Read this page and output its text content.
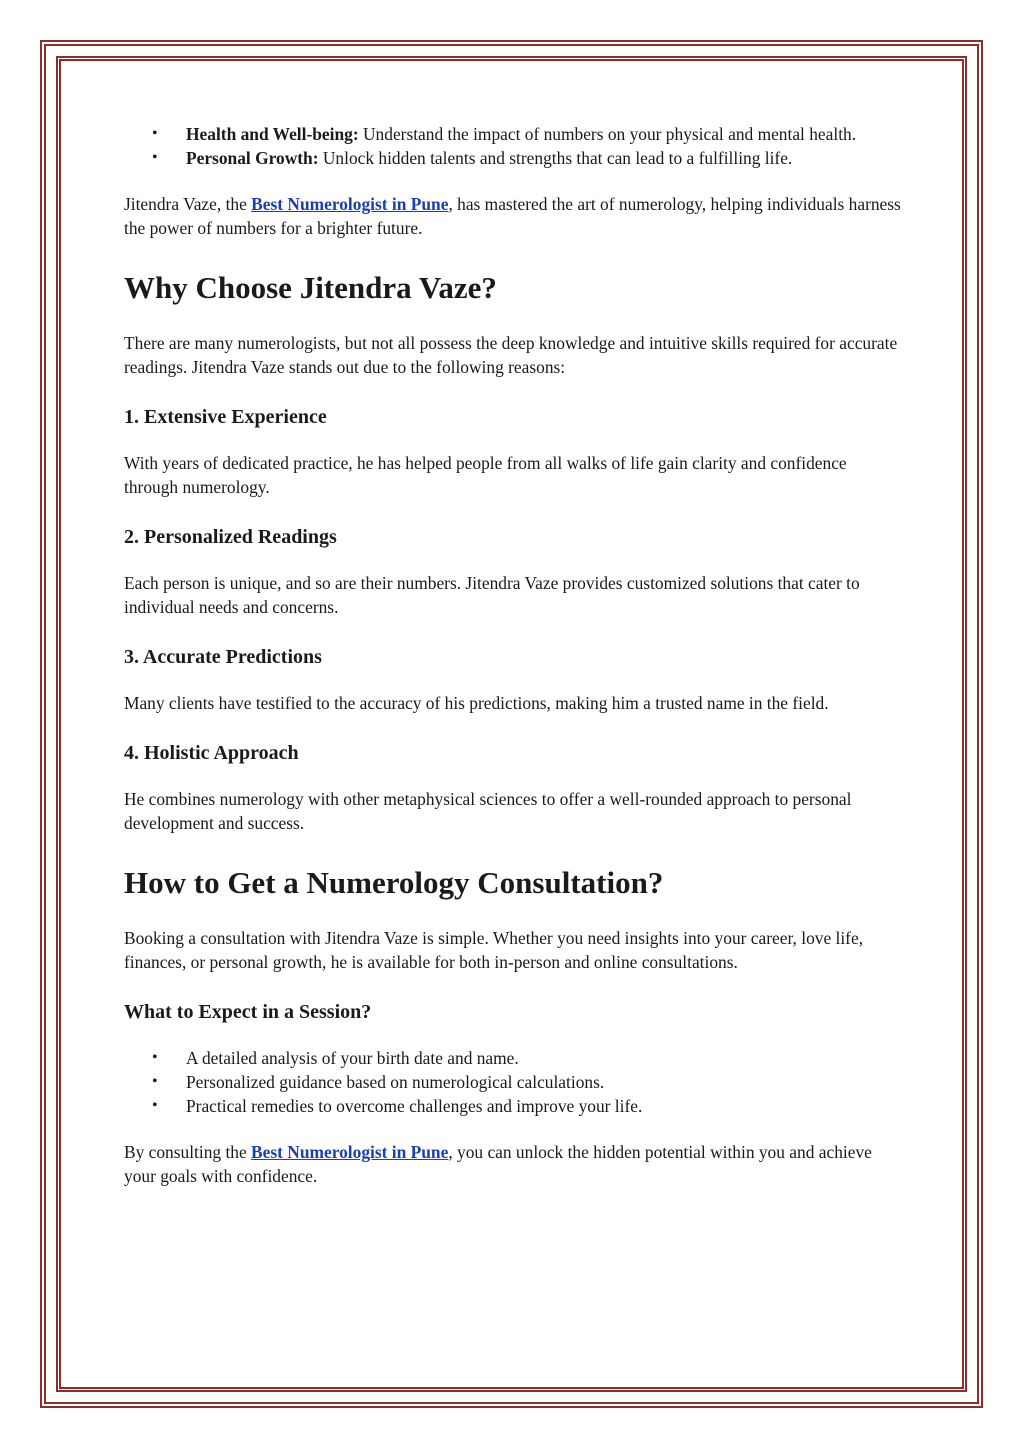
• Health and Well-being: Understand the impact of numbers on your physical and mental health.
• Personal Growth: Unlock hidden talents and strengths that can lead to a fulfilling life.

Jitendra Vaze, the Best Numerologist in Pune, has mastered the art of numerology, helping individuals harness the power of numbers for a brighter future.

Why Choose Jitendra Vaze?

There are many numerologists, but not all possess the deep knowledge and intuitive skills required for accurate readings. Jitendra Vaze stands out due to the following reasons:

1. Extensive Experience

With years of dedicated practice, he has helped people from all walks of life gain clarity and confidence through numerology.

2. Personalized Readings

Each person is unique, and so are their numbers. Jitendra Vaze provides customized solutions that cater to individual needs and concerns.

3. Accurate Predictions

Many clients have testified to the accuracy of his predictions, making him a trusted name in the field.

4. Holistic Approach

He combines numerology with other metaphysical sciences to offer a well-rounded approach to personal development and success.

How to Get a Numerology Consultation?

Booking a consultation with Jitendra Vaze is simple. Whether you need insights into your career, love life, finances, or personal growth, he is available for both in-person and online consultations.

What to Expect in a Session?
• A detailed analysis of your birth date and name.
• Personalized guidance based on numerological calculations.
• Practical remedies to overcome challenges and improve your life.

By consulting the Best Numerologist in Pune, you can unlock the hidden potential within you and achieve your goals with confidence.
